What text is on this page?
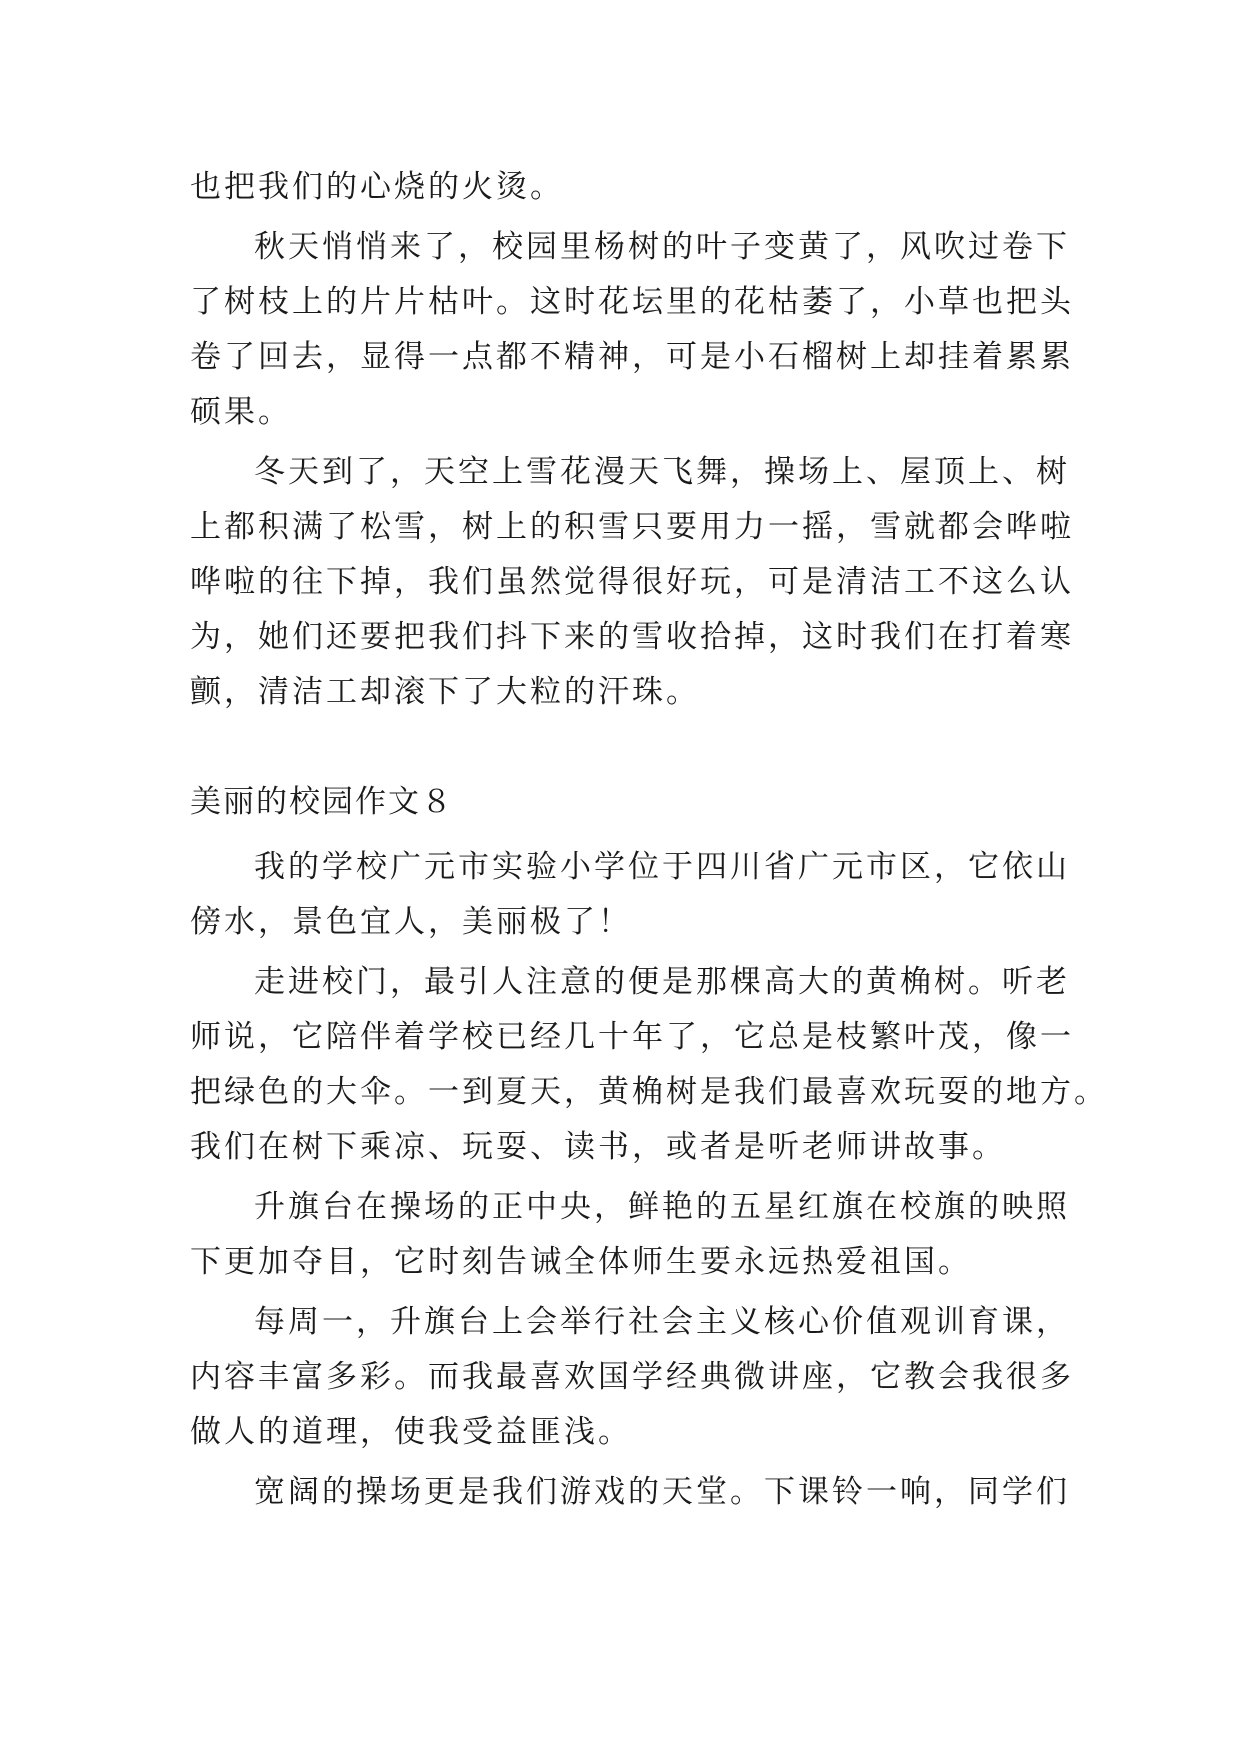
也把我们的心烧的火烫。
秋天悄悄来了，校园里杨树的叶子变黄了，风吹过卷下
了树枝上的片片枯叶。这时花坛里的花枯萎了，小草也把头
卷了回去，显得一点都不精神，可是小石榴树上却挂着累累
硕果。
冬天到了，天空上雪花漫天飞舞，操场上、屋顶上、树
上都积满了松雪，树上的积雪只要用力一摇，雪就都会哗啦
哗啦的往下掉，我们虽然觉得很好玩，可是清洁工不这么认
为，她们还要把我们抖下来的雪收拾掉，这时我们在打着寒
颤，清洁工却滚下了大粒的汗珠。
美丽的校园作文８
我的学校广元市实验小学位于四川省广元市区，它依山
傍水，景色宜人，美丽极了！
走进校门，最引人注意的便是那棵高大的黄桷树。听老
师说，它陪伴着学校已经几十年了，它总是枝繁叶茂，像一
把绿色的大伞。一到夏天，黄桷树是我们最喜欢玩耍的地方。
我们在树下乘凉、玩耍、读书，或者是听老师讲故事。
升旗台在操场的正中央，鲜艳的五星红旗在校旗的映照
下更加夺目，它时刻告诫全体师生要永远热爱祖国。
每周一，升旗台上会举行社会主义核心价值观训育课，
内容丰富多彩。而我最喜欢国学经典微讲座，它教会我很多
做人的道理，使我受益匪浅。
宽阔的操场更是我们游戏的天堂。下课铃一响，同学们
